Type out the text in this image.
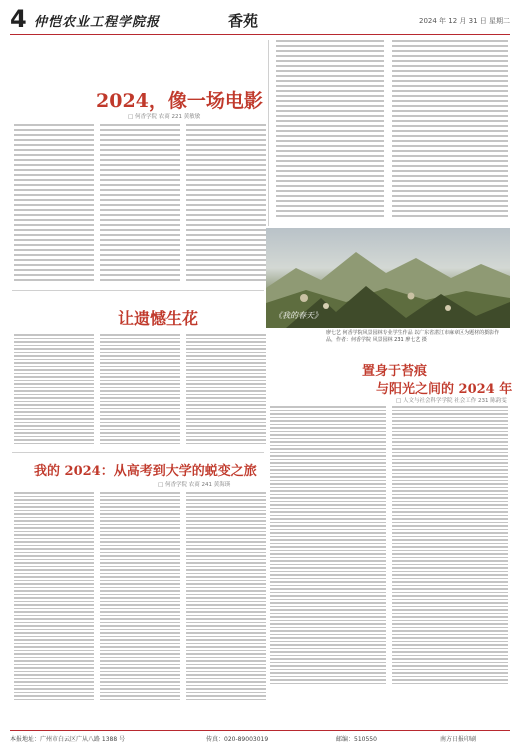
4 仲恺农业工程学院报	香苑	2024 年 12 月 31 日 星期二
2024，像一场电影
□ 何香学院 农商 221 黄敏敏
让遗憾生花	《我的春天》
廖七艺 何香学院风景园林专业学生作品 以广东省湛江市麻章区为题材的摄影作品，作者：何香学院 风景园林 231 廖七艺 摄
置身于苔痕
与阳光之间的 2024 年
□ 人文与社会科学学院 社会工作 231 陈韵雯
我的 2024：从高考到大学的蜕变之旅
□ 何香学院 农商 241 黄海瑛
本报地址：广州市白云区广从八路 1388 号	传真：020-89003019	邮编：510550	南方日报印刷
